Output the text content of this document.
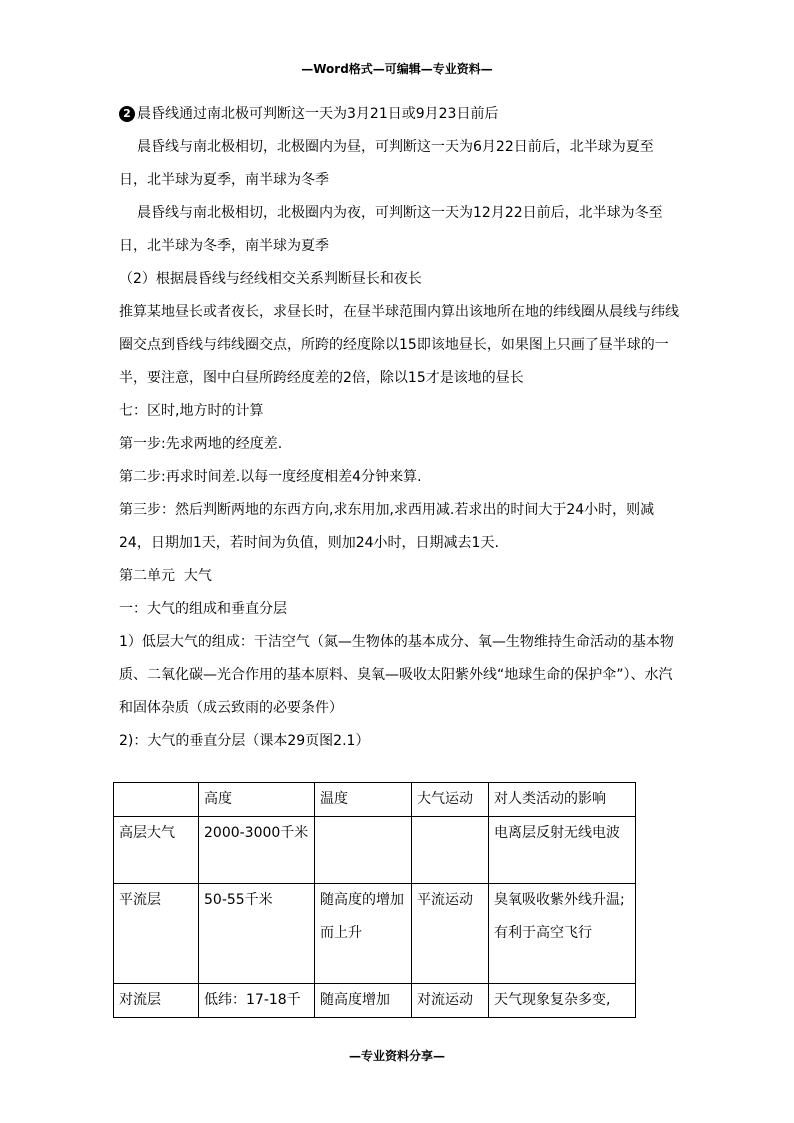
—Word格式—可编辑—专业资料—

2 晨昏线通过南北极可判断这一天为3月21日或9月23日前后

晨昏线与南北极相切，北极圈内为昼，可判断这一天为6月22日前后，北半球为夏至日，北半球为夏季，南半球为冬季

晨昏线与南北极相切，北极圈内为夜，可判断这一天为12月22日前后，北半球为冬至日，北半球为冬季，南半球为夏季

（2）根据晨昏线与经线相交关系判断昼长和夜长

推算某地昼长或者夜长，求昼长时，在昼半球范围内算出该地所在地的纬线圈从晨线与纬线圈交点到昏线与纬线圈交点，所跨的经度除以15即该地昼长，如果图上只画了昼半球的一半，要注意，图中白昼所跨经度差的2倍，除以15才是该地的昼长

七：区时,地方时的计算

第一步:先求两地的经度差.

第二步:再求时间差.以每一度经度相差4分钟来算.

第三步：然后判断两地的东西方向,求东用加,求西用减.若求出的时间大于24小时，则减24，日期加1天，若时间为负值，则加24小时，日期减去1天.

第二单元  大气

一：大气的组成和垂直分层

1）低层大气的组成：干洁空气（氮—生物体的基本成分、氧—生物维持生命活动的基本物质、二氧化碳—光合作用的基本原料、臭氧—吸收太阳紫外线“地球生命的保护伞”）、水汽和固体杂质（成云致雨的必要条件）

2)：大气的垂直分层（课本29页图2.1）

	高度	温度	大气运动	对人类活动的影响
高层大气	2000-3000千米			电离层反射无线电波
平流层	50-55千米	随高度的增加而上升	平流运动	臭氧吸收紫外线升温;有利于高空飞行
对流层	低纬：17-18千	随高度增加	对流运动	天气现象复杂多变,
—专业资料分享—
